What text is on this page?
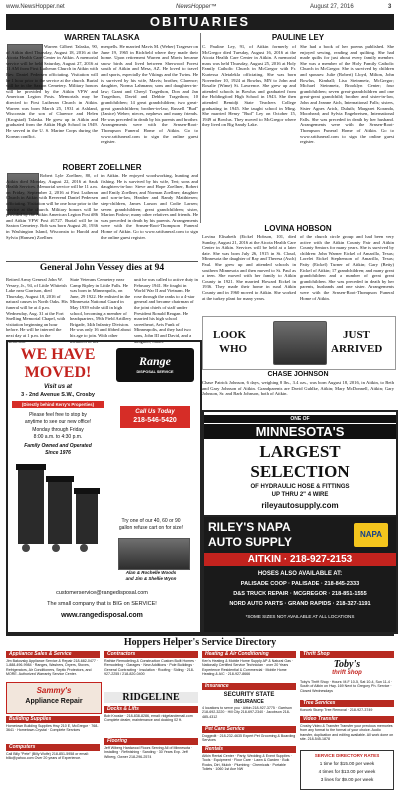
www.NewsHopper.net	NewsHopper™	August 27, 2016	3
OBITUARIES
WARREN TALASKA
Warren Gilbert Talaska, 90, of Aitkin died Thursday, August 18, 2016 at the Aicota Health Care Center in Aitkin. A memorial service will be held Saturday, August 27, 2016 at 11 AM from First Lutheran Church in Aitkin with Rev. Daniel Pedersen officiating. Visitation will be 1 hour prior to the service at the church. Burial will be in the Saxton Cemetery. Military honors will be provided by the Aitkin VFW and American Legion Posts. Memorials may be directed to First Lutheran Church in Aitkin. Warren was born March 25, 1931 at Ashland, Wisconsin the son of Clarence and Helen (Krogstad) Talaska. He grew up in Aitkin and graduated from the Aitkin High School in 1949. He served in the U. S. Marine Corps during the Korean conflict.
mespells. He married Mavis M. (Weber) Trageser on June 19, 1965 in Richfield where they made their home. Upon retirement Warren and Mavis became snow birds and lived between Sherwood Forest south of Aitkin and Mesa, AZ. He loved to travel and sports, especially the Vikings and the Twins. He is survived by his wife, Mavis; brother, Clarence; daughter, Norma Lahmann; sons and daughters-in-law; Grant and Cheryl Tragethon, Don and Jan Tragethon, David and Debbie Tragethon; 10 grandchildren; 14 great grandchildren; two great-great grandchildren; brother-in-law, Russell "Bud" (Janice) Weber; nieces, nephews and many friends. He was preceded in death by his parents and brother. Arrangements were with the Srnsen-Root-Thompson Funeral Home of Aitkin. Go to www.srttfuneral.com to sign the online guest register.
PAULINE LEY
C. Pauline Ley, 91, of Aitkin formerly of McGregor died Tuesday, August 16, 2016 at the Aicota Health Care Center in Aitkin. A memorial mass was held Thursday, August 25, 2016 at Holy Family Catholic Church in McGregor with Fr. Kurtessa Aletalekla officiating. She was born November 10, 1924 at Bowlus, MN to John and Rosalie (Wime) St. Lawrence. She grew up and attended schools in Bowlus and graduated from the Holdingford High School in 1943. She then attended Bemidji State Teachers College graduating in 1945. She taught school in Ming. She married Henry "Bud" Ley on October 15, 1949 at Bowlus. They moved to McGregor where they lived on Big Sandy Lake.
She had a book of her poems published. She enjoyed sewing, reading and quilting. She had made quilts for just about every family member. She was a member of the Holy Family Catholic Church in McGregor. She is survived by children and spouses: Julie (Robert) Lloyd, Milton, John Bowlus, Kimball; Lisa Steinmetz, McGregor; Michael Steinmetz, Brooklyn Center; four grandchildren; seven great-grandchildren and one great-great grandchild; brother and sister-in-law, John and Jeanne Aich, International Falls; sisters, Sister Agnes Arich, Duluth; Margaret Koranda, Moorhead; and Sylvia Engebretsen, International Falls. She was preceded in death by her husband. Arrangements were with the Srnsen-Root-Thompson Funeral Home of Aitkin. Go to www.srttfuneral.com to sign the online guest register.
ROBERT ZOELLNER
Robert Lyle Zoellner, 80, of Aitkin died Monday, August 22, 2016 at Sauk Health Services. Memorial service will be 11 a.m. on Friday, September 2, 2016 at First Lutheran Church in Aitkin with Reverend Daniel Pedersen officiating. Visitation will be one hour prior to the service at the church. Military honors will be provided by the Aitkin American Legion Post #86 and Aitkin VFW Post #1727. Burial will be in Saxton Cemetery. Bob was born August 20, 1936 in Washington Island, Wisconsin to Harold and Sylvia (Hansen) Zoellner.
in Aitkin. He enjoyed woodworking, hunting and fishing. He is survived by his wife, Teri; sons and daughters-in-law: Steve and Hope Zoellner, Robert and Emily Zoellner, and Norman Zoellner; daughter and son-in-law, Heather and Randy Matthiesen; step-children, James Larson and Codie Larsen; seven grandchildren; great grandchildren; sister, Marion Finlow; many other relatives and friends. He was preceded in death by his parents. Arrangements were with the Srnsen-Root-Thompson Funeral Home of Aitkin. Go to www.srttfuneral.com to sign the online guest register.
LOVINA HOBSON
Lovina Elisabeth (Eickel Hobson, 101, died Sunday, August 21, 2016 at the Aicota Health Care Center in Aitkin. Services will be held at a later date. She was born July 26, 1915 in St. Cloud, Minnesota the daughter of Ray and Theresa (Asch) Paul. She grew up and attended schools in southern Minnesota and then moved to St. Paul as a teen. She moved with her family to Aitkin County in 1921. She married Howard Eickel in 1936. They made their home in rural Aitkin County and in 1960 moved to Aitkin. She worked at the turkey plant for many years.
of the church circle group and had been very active with the Aitkin County Fair and Aitkin County Seniors for many years. She is survived by children: John Warner Eickel of Amarillo, Texas; Lorelei Eickel Stephenson of Amarillo, Texas; Patty (Eickel) Turner of Aitkin; Gary (Betty) Eickel of Aitkin; 17 grandchildren; and many great grandchildren and a number of great great grandchildren. She was preceded in death by her parents, husbands and one sister. Arrangements were with the Srnsen-Root-Thompson Funeral Home of Aitkin.
General John Vessey dies at 94
Retired Army General John W. Vessey, Jr., 94, of Little Whiteish Lake near Garrison, died Thursday, August 18, 2016 of natural causes in North Oaks. His funeral will be at 4 p.m. Wednesday, Aug. 31 at the Fort Snelling Memorial Chapel, with visitation beginning an hour before. He will be interred the next day at 1 p.m. in the Minnesota
State Veterans Cemetery near Camp Ripley in Little Falls. He was born in Minneapolis, on June, 29 1922. He enlisted in the Minnesota National Guard in May 1939 while still in high school, becoming a member of headquarters, 59th Field Artillery Brigade, 34th Infantry Division. He was only 16 and fibbed about his age to join. With other members of his
unit he was called to active duty in February 1941. He fought in World War II and Vietnam. He rose through the ranks to a 4-star general and became chairman of the joint chiefs of staff under President Ronald Reagan. He married his high school sweetheart, Avis Funk of Minneapolis, and they had two sons, John III and David, and a daughter, Sarah.
LOOK
WHO
JUST
ARRIVED
CHASE JOHNSON
Chase Patrick Johnson, 6 days, weighing 8 lbs., 3.4 ozs., was born August 18, 2016, in Aitkin, to Beth and Gary Johnson of Aitkin. Grandparents are David Guhlke, Aitkin; Mary McDonnell, Aitkin; Gary Johnson, Sr. and Barb Johnson, both of Aitkin.
WE HAVE
MOVED!
Visit us at
3 - 2nd Avenue S.W., Crosby
(Directly behind Kerry's Properties)
Please feel free to stop by
anytime to see our new office!
Monday through Friday
8:00 a.m. to 4:30 p.m.
Family Owned and Operated
Since 1976
Range
DISPOSAL SERVICE
Call Us Today
218-546-5420
Try one of our 40, 60 or 90
gallon refuse cart on for size!
Alan & Rochelle Woods
and Jim & Shellie Wynn
customerservice@rangedisposal.com
The small company that is BIG on SERVICE!
www.rangedisposal.com
ONE OF
MINNESOTA'S
LARGEST
SELECTION
OF HYDRAULIC HOSE & FITTINGS
UP THRU 2" 4 WIRE
rileyautosupply.com
RILEY'S NAPA
AUTO SUPPLY
NAPA
AITKIN · 218-927-2153
HOSES ALSO AVAILABLE AT:
PALISADE COOP · PALISADE · 218-845-2333
D&S TRUCK REPAIR · MCGREGOR · 218-851-1555
NORD AUTO PARTS · GRAND RAPIDS · 218-327-1191
*SOME SIZES NOT AVAILABLE AT ALL LOCATIONS
Hoppers Helper's Service Directory
Appliance Sales & Service
Jim Bakovsky Appliance Service & Repair 218-682-0477 · 1-888-496-9984 · Ranges, Washers, Dryers, Stoves, Refrigerators, Air Conditioners, Septic Protectors, and MORE. Authorized Warranty Service Center.
Sammy's
Appliance Repair
Building Supplies
Hometown Building Supplies Hwy 210 E, McGregor · 768-3641 · Hometown-Crystal · Complete Services
Computers
Call Billy "Pete" (Billy Wolfe) 218-851-5958 or email: billo@yahoo.com Over 20 years of Experience.
Contractors
Rathke Remodeling & Construction Custom Built Homes · Remodeling · Garages · New Additions · Pole Buildings · General Contracting · Insulation · Roofing · Siding · 218-927-2255 / 218-820-0400
RIDGELINE
Docks & Lifts
Bob Knoske · 218-838-8286, email: ridgelandemail.com Complete dealer, maintenance and docking 02 ft.
Flooring
Jeff Wiberg Hardwood Floors Serving All of Minnesota · Installing · Refinishing · Sanding · 30 Years Exp. Jeff Wiberg, Owner 218-296-2574
Heating & Air Conditioning
Ken's Heating & Mobile Home Supply AP & Natural Gas · Nationally Certified Service Technician · over 20 Years Experience Residential & Commercial · Mobile Home Heating & A/C · 218-927-8666
Insurance
SECURITY STATE
INSURANCE
4 locations to serve you · Aitkin 218-927-3775 · Garrison 218-692-3220 · Hill City 218-697-2340 · Jacobson 218-485-4312
Pet Care Service
Doggedit · 218-232-4635 Expert Pet Grooming & Boarding Services
Rentals
Aitkin Rental Center · Party, Wedding & Event Supplies · Tools · Equipment · Floor Care · Lawn & Garden · Bulk Rocks, Dirt, Mulch · Plumbing · Chemicals · Portable Toilets · 1060 1st Ave NW
Thrift Shop
Toby's
thrift shop
Toby's Thrift Shop · Hours: M-F 10-5, Sat 10-4, Sun 11-4 · South of Aitkin on Hwy. 169 Next to Gregory Ph. Service · Closed Wednesdays
Tree Services
Koncek Stump Tree Removal · 218-927-3749
Video Transfer
Crosby Video & Transfer Transfer your precious memories from any format to the format of your choice. Audio transfer, duplication and editing available. All work done on site. 218-545-1878
SERVICE DIRECTORY RATES
1 time for $15.00 per week
4 times for $13.00 per week
3 lines for $9.00 per week
